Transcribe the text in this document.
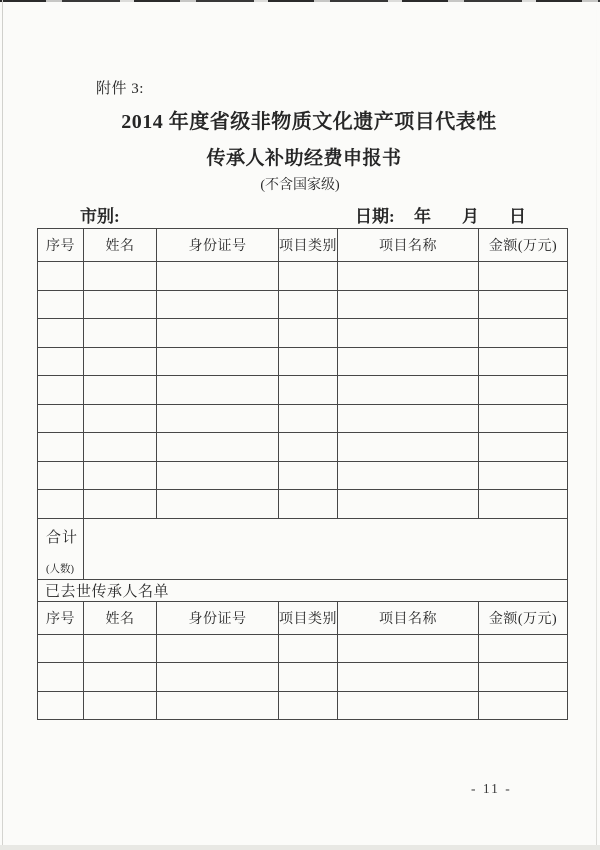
附件 3:
2014 年度省级非物质文化遗产项目代表性
传承人补助经费申报书
(不含国家级)
市别:	日期: 年 月 日
序号	姓名	身份证号	项目类别	项目名称	金额(万元)

合计
(人数)					

已去世传承人名单					
序号	姓名	身份证号	项目类别	项目名称	金额(万元)

- 11 -
